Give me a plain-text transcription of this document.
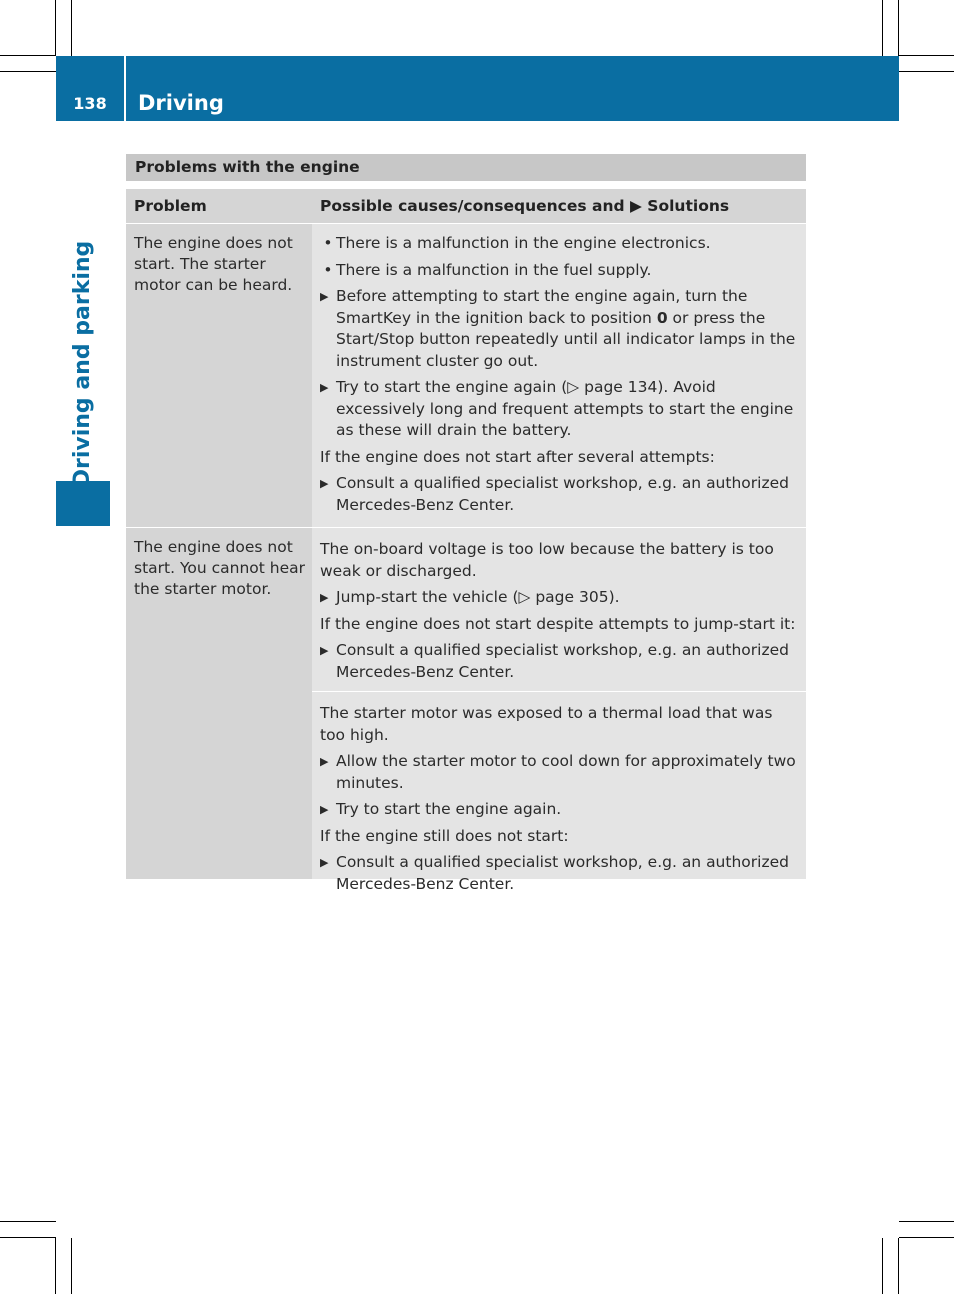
138	Driving
Driving and parking
Problems with the engine
Problem	Possible causes/consequences and ▶ Solutions
The engine does not start. The starter motor can be heard.
• There is a malfunction in the engine electronics.
• There is a malfunction in the fuel supply.
▶ Before attempting to start the engine again, turn the SmartKey in the ignition back to position 0 or press the Start/Stop button repeatedly until all indicator lamps in the instrument cluster go out.
▶ Try to start the engine again (▷ page 134). Avoid excessively long and frequent attempts to start the engine as these will drain the battery.
If the engine does not start after several attempts:
▶ Consult a qualified specialist workshop, e.g. an authorized Mercedes-Benz Center.
The engine does not start. You cannot hear the starter motor.
The on-board voltage is too low because the battery is too weak or discharged.
▶ Jump-start the vehicle (▷ page 305).
If the engine does not start despite attempts to jump-start it:
▶ Consult a qualified specialist workshop, e.g. an authorized Mercedes-Benz Center.
The starter motor was exposed to a thermal load that was too high.
▶ Allow the starter motor to cool down for approximately two minutes.
▶ Try to start the engine again.
If the engine still does not start:
▶ Consult a qualified specialist workshop, e.g. an authorized Mercedes-Benz Center.
